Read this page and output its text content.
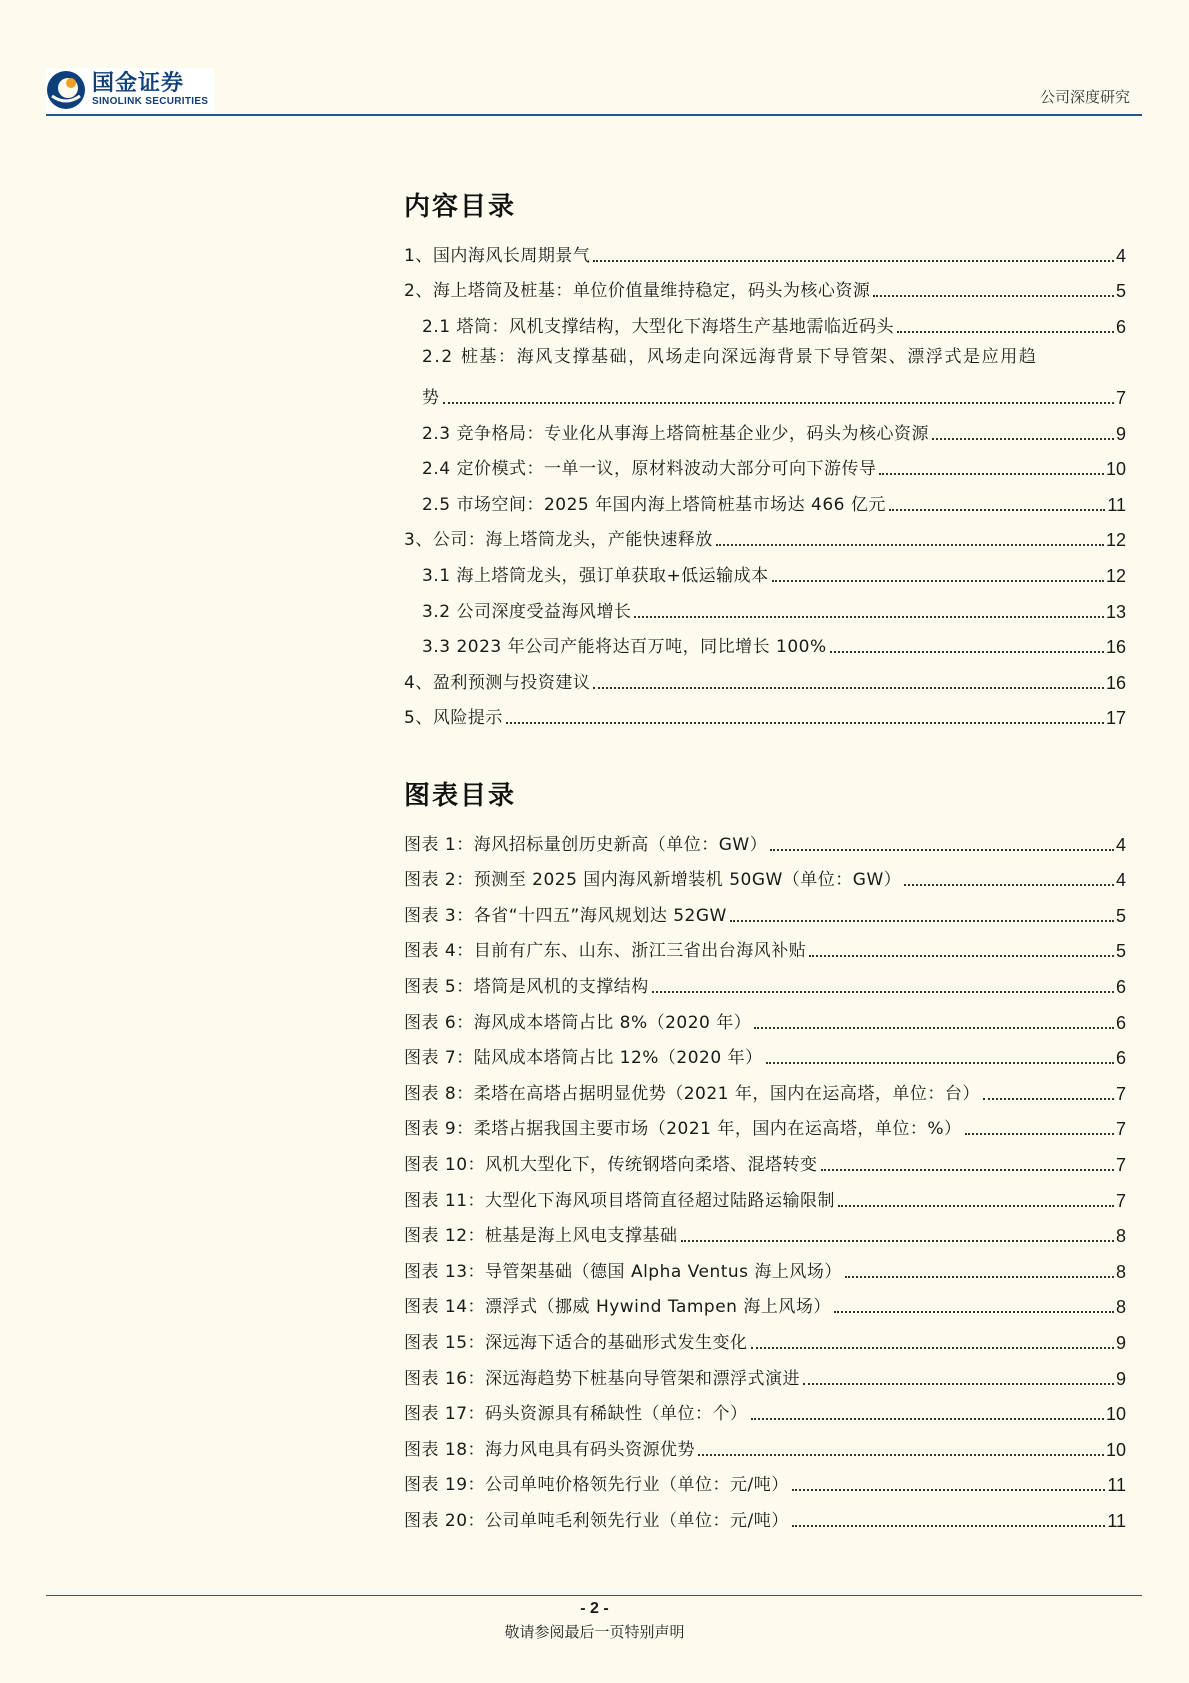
国金证券
SINOLINK SECURITIES	公司深度研究
内容目录
1、国内海风长周期景气	4
2、海上塔筒及桩基：单位价值量维持稳定，码头为核心资源	5
2.1 塔筒：风机支撑结构，大型化下海塔生产基地需临近码头	6
2.2 桩基：海风支撑基础，风场走向深远海背景下导管架、漂浮式是应用趋
势	7
2.3 竞争格局：专业化从事海上塔筒桩基企业少，码头为核心资源	9
2.4 定价模式：一单一议，原材料波动大部分可向下游传导	10
2.5 市场空间：2025 年国内海上塔筒桩基市场达 466 亿元	11
3、公司：海上塔筒龙头，产能快速释放	12
3.1 海上塔筒龙头，强订单获取+低运输成本	12
3.2 公司深度受益海风增长	13
3.3 2023 年公司产能将达百万吨，同比增长 100%	16
4、盈利预测与投资建议	16
5、风险提示	17
图表目录
图表 1：海风招标量创历史新高（单位：GW）	4
图表 2：预测至 2025 国内海风新增装机 50GW（单位：GW）	4
图表 3：各省“十四五”海风规划达 52GW	5
图表 4：目前有广东、山东、浙江三省出台海风补贴	5
图表 5：塔筒是风机的支撑结构	6
图表 6：海风成本塔筒占比 8%（2020 年）	6
图表 7：陆风成本塔筒占比 12%（2020 年）	6
图表 8：柔塔在高塔占据明显优势（2021 年，国内在运高塔，单位：台）	7
图表 9：柔塔占据我国主要市场（2021 年，国内在运高塔，单位：%）	7
图表 10：风机大型化下，传统钢塔向柔塔、混塔转变	7
图表 11：大型化下海风项目塔筒直径超过陆路运输限制	7
图表 12：桩基是海上风电支撑基础	8
图表 13：导管架基础（德国 Alpha Ventus 海上风场）	8
图表 14：漂浮式（挪威 Hywind Tampen 海上风场）	8
图表 15：深远海下适合的基础形式发生变化	9
图表 16：深远海趋势下桩基向导管架和漂浮式演进	9
图表 17：码头资源具有稀缺性（单位：个）	10
图表 18：海力风电具有码头资源优势	10
图表 19：公司单吨价格领先行业（单位：元/吨）	11
图表 20：公司单吨毛利领先行业（单位：元/吨）	11
- 2 -
敬请参阅最后一页特别声明
